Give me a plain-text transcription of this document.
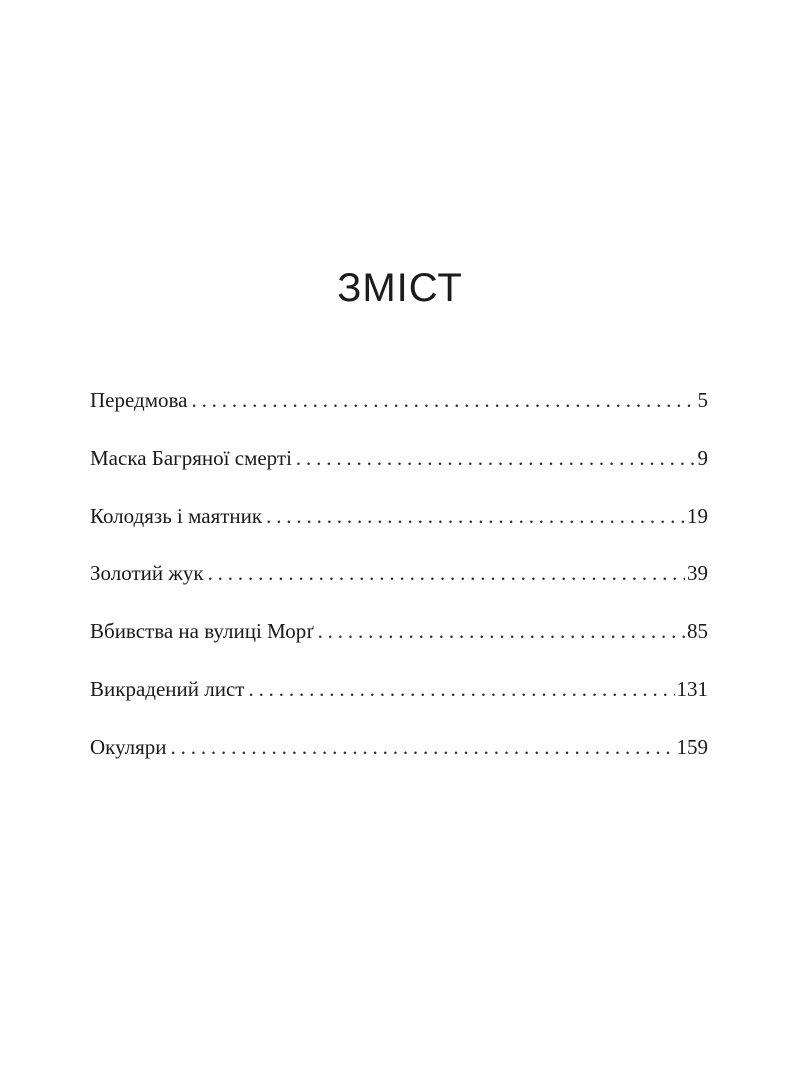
ЗМІСТ
Передмова . . .	5
Маска Багряної смерті . . .	9
Колодязь і маятник . . .	19
Золотий жук . . .	39
Вбивства на вулиці Морґ . . .	85
Викрадений лист . . .	131
Окуляри . . .	159
